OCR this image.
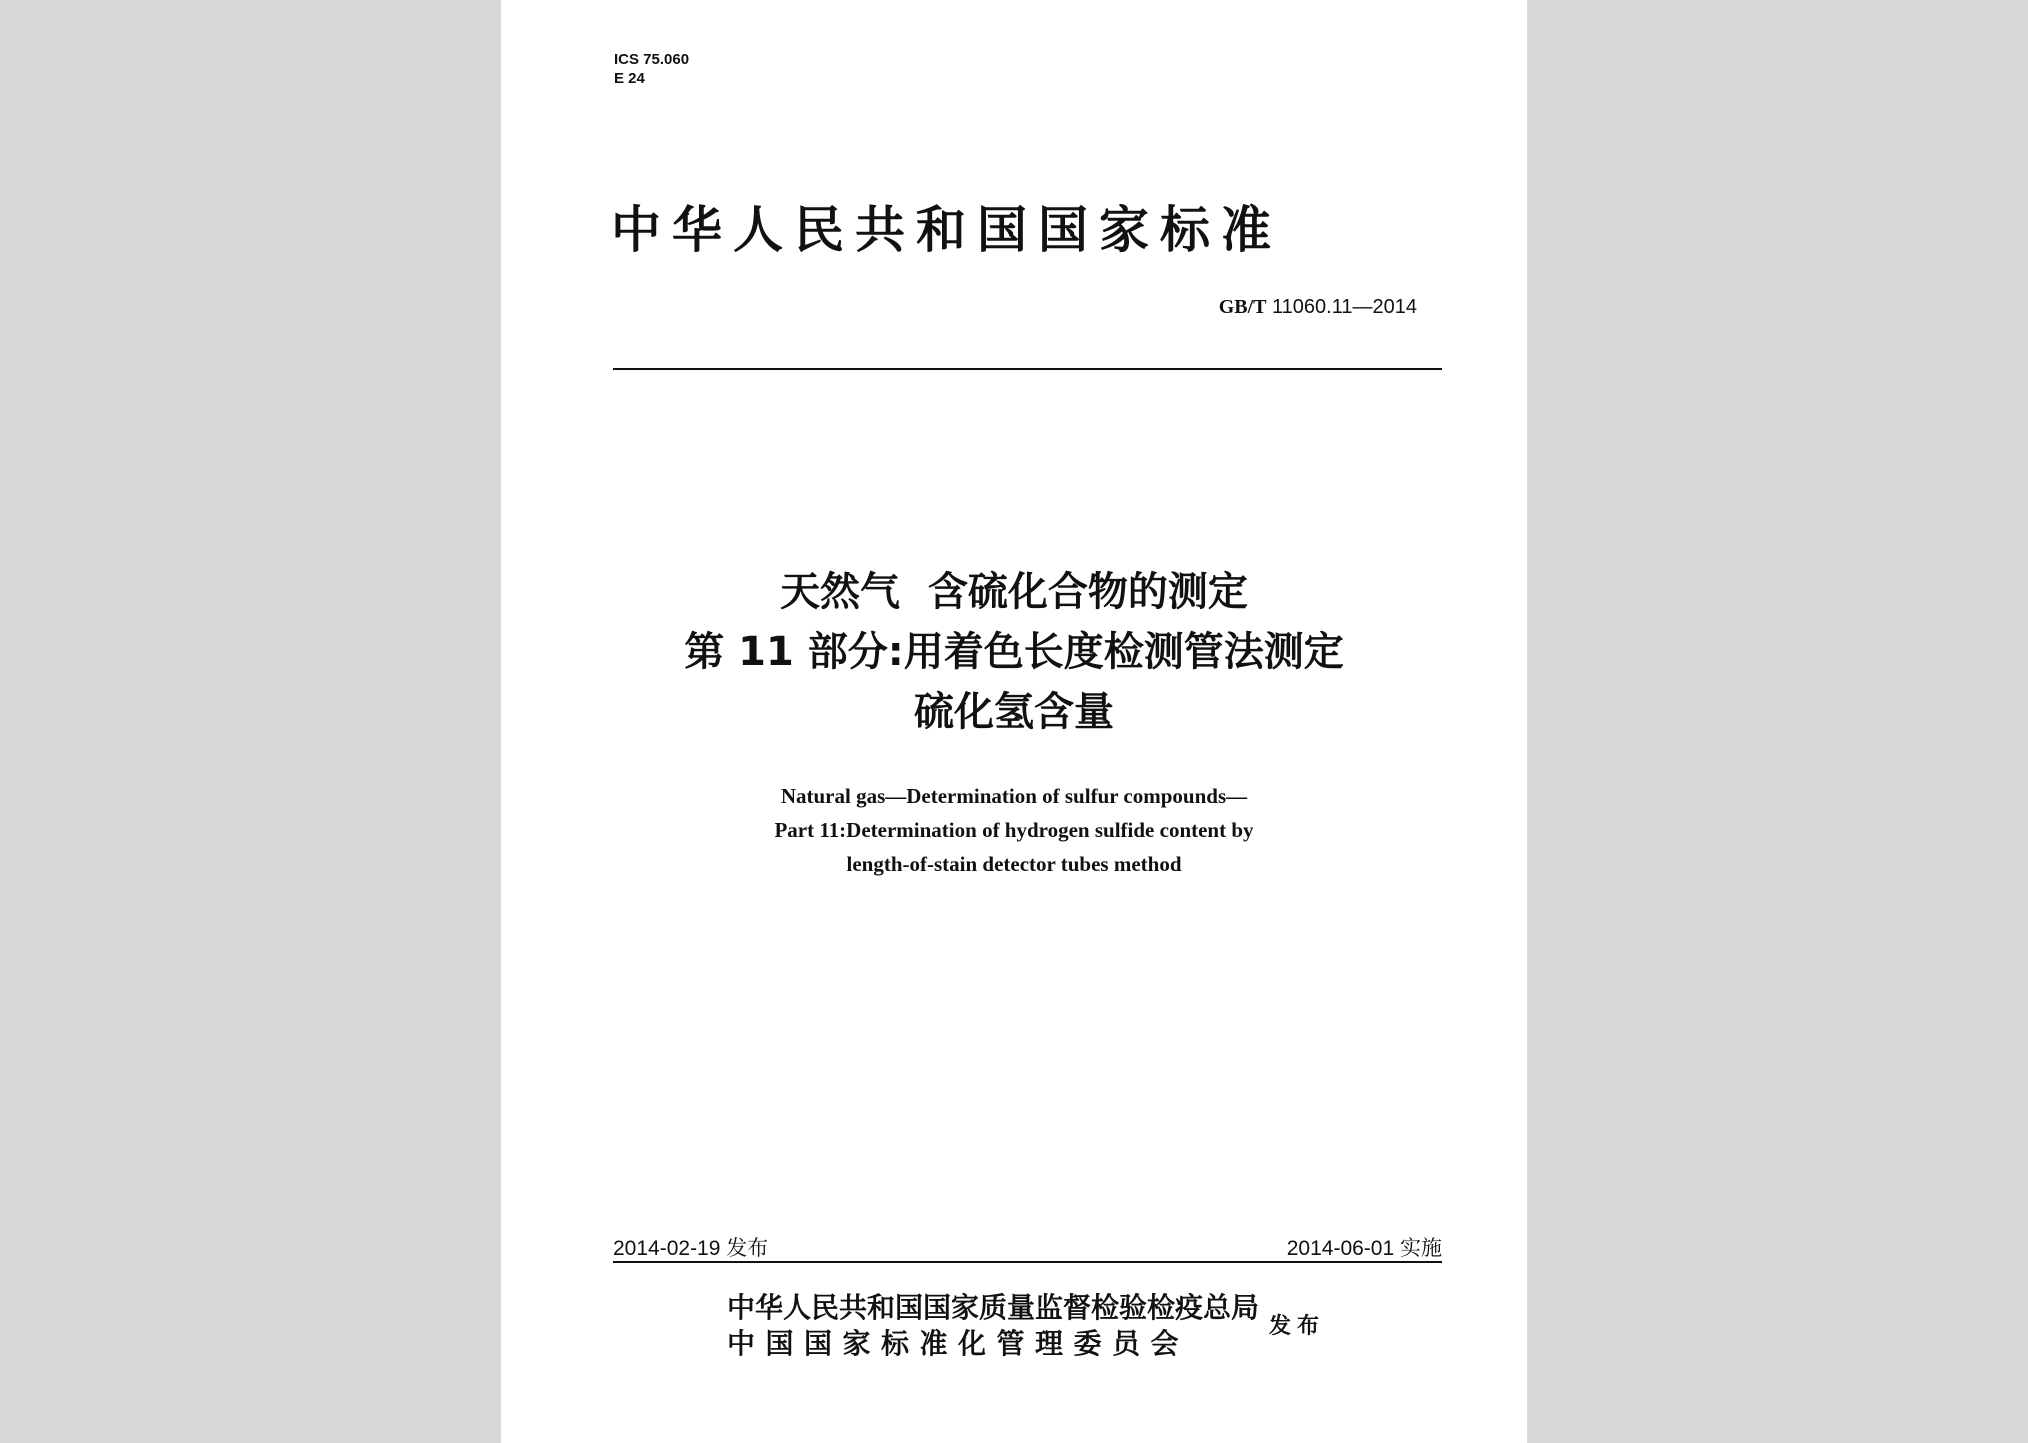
ICS 75.060
E 24
中华人民共和国国家标准
GB/T 11060.11—2014
天然气  含硫化合物的测定
第 11 部分:用着色长度检测管法测定
硫化氢含量
Natural gas—Determination of sulfur compounds—
Part 11:Determination of hydrogen sulfide content by
length-of-stain detector tubes method
2014-02-19 发布	2014-06-01 实施
中华人民共和国国家质量监督检验检疫总局
中国国家标准化管理委员会
发布
